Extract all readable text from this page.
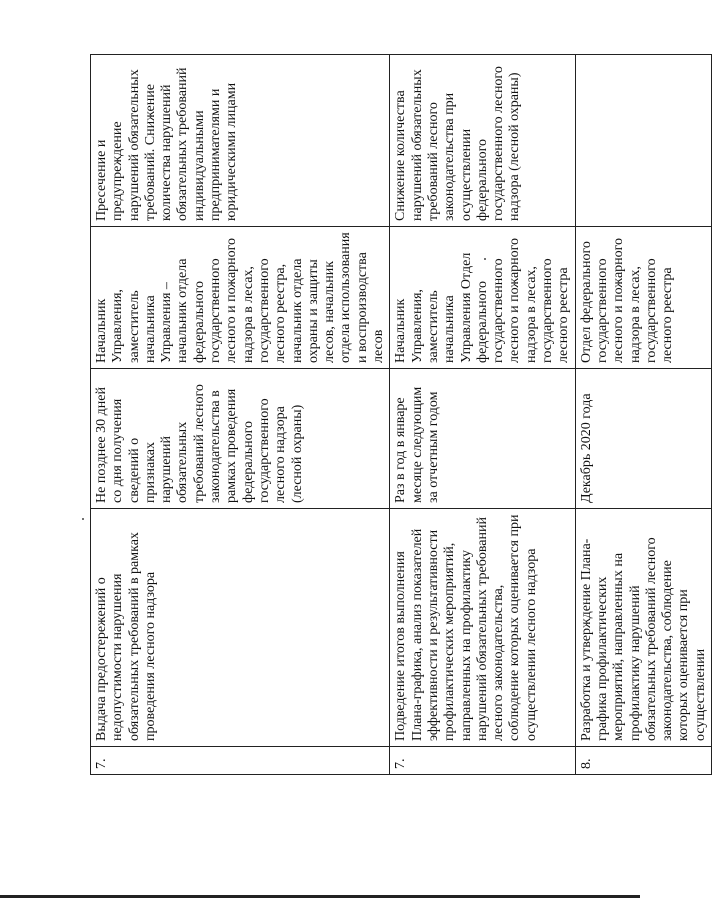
7.	Выдача предостережений о недопустимости нарушения обязательных требований в рамках проведения лесного надзора	Не позднее 30 дней со дня получения сведений о признаках нарушений обязательных требований лесного законодательства в рамках проведения федерального государственного лесного надзора (лесной охраны)	Начальник Управления, заместитель начальника Управления – начальник отдела федерального государственного лесного и пожарного надзора в лесах, государственного лесного реестра, начальник отдела охраны и защиты лесов, начальник отдела использования и воспроизводства лесов	Пресечение и предупреждение нарушений обязательных требований. Снижение количества нарушений обязательных требований индивидуальными предпринимателями и юридическими лицами
7.	Подведение итогов выполнения Плана-графика, анализ показателей эффективности и результативности профилактических мероприятий, направленных на профилактику нарушений обязательных требований лесного законодательства, соблюдение которых оценивается при осуществлении лесного надзора	Раз в год в январе месяце следующим за отчетным годом	Начальник Управления, заместитель начальника Управления Отдел федерального государственного лесного и пожарного надзора в лесах, государственного лесного реестра	Снижение количества нарушений обязательных требований лесного законодательства при осуществлении федерального государственного лесного надзора (лесной охраны)
8.	Разработка и утверждение Плана-графика профилактических мероприятий, направленных на профилактику нарушений обязательных требований лесного законодательства, соблюдение которых оценивается при осуществлении	Декабрь 2020 года	Отдел федерального государственного лесного и пожарного надзора в лесах, государственного лесного реестра	
